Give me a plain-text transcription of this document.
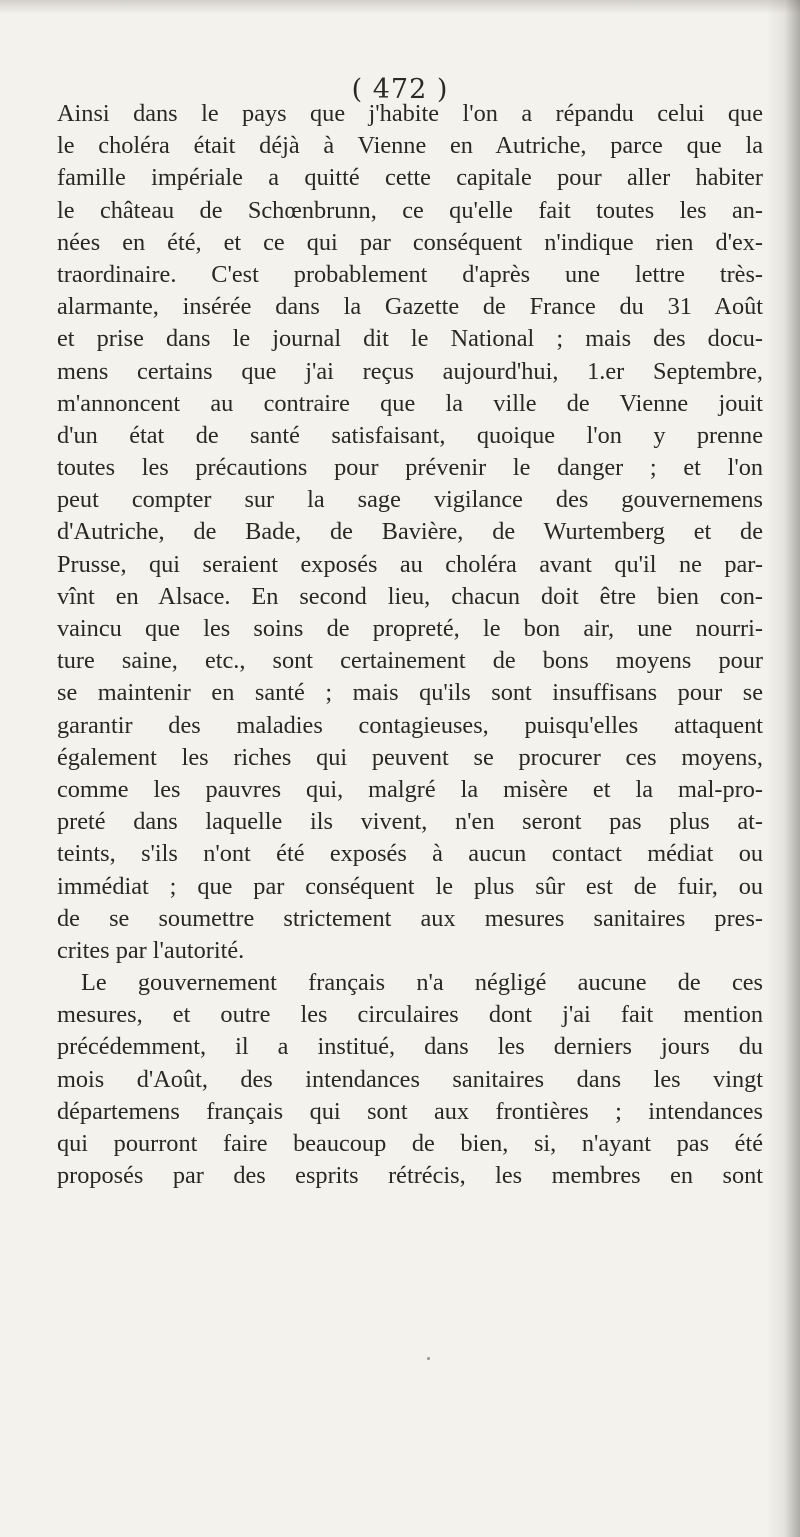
( 472 )
Ainsi dans le pays que j'habite l'on a répandu celui que
le choléra était déjà à Vienne en Autriche, parce que la
famille impériale a quitté cette capitale pour aller habiter
le château de Schœnbrunn, ce qu'elle fait toutes les an-
nées en été, et ce qui par conséquent n'indique rien d'ex-
traordinaire. C'est probablement d'après une lettre très-
alarmante, insérée dans la Gazette de France du 31 Août
et prise dans le journal dit le National ; mais des docu-
mens certains que j'ai reçus aujourd'hui, 1.er Septembre,
m'annoncent au contraire que la ville de Vienne jouit
d'un état de santé satisfaisant, quoique l'on y prenne
toutes les précautions pour prévenir le danger ; et l'on
peut compter sur la sage vigilance des gouvernemens
d'Autriche, de Bade, de Bavière, de Wurtemberg et de
Prusse, qui seraient exposés au choléra avant qu'il ne par-
vînt en Alsace. En second lieu, chacun doit être bien con-
vaincu que les soins de propreté, le bon air, une nourri-
ture saine, etc., sont certainement de bons moyens pour
se maintenir en santé ; mais qu'ils sont insuffisans pour se
garantir des maladies contagieuses, puisqu'elles attaquent
également les riches qui peuvent se procurer ces moyens,
comme les pauvres qui, malgré la misère et la mal-pro-
preté dans laquelle ils vivent, n'en seront pas plus at-
teints, s'ils n'ont été exposés à aucun contact médiat ou
immédiat ; que par conséquent le plus sûr est de fuir, ou
de se soumettre strictement aux mesures sanitaires pres-
crites par l'autorité.
Le gouvernement français n'a négligé aucune de ces
mesures, et outre les circulaires dont j'ai fait mention
précédemment, il a institué, dans les derniers jours du
mois d'Août, des intendances sanitaires dans les vingt
départemens français qui sont aux frontières ; intendances
qui pourront faire beaucoup de bien, si, n'ayant pas été
proposés par des esprits rétrécis, les membres en sont
